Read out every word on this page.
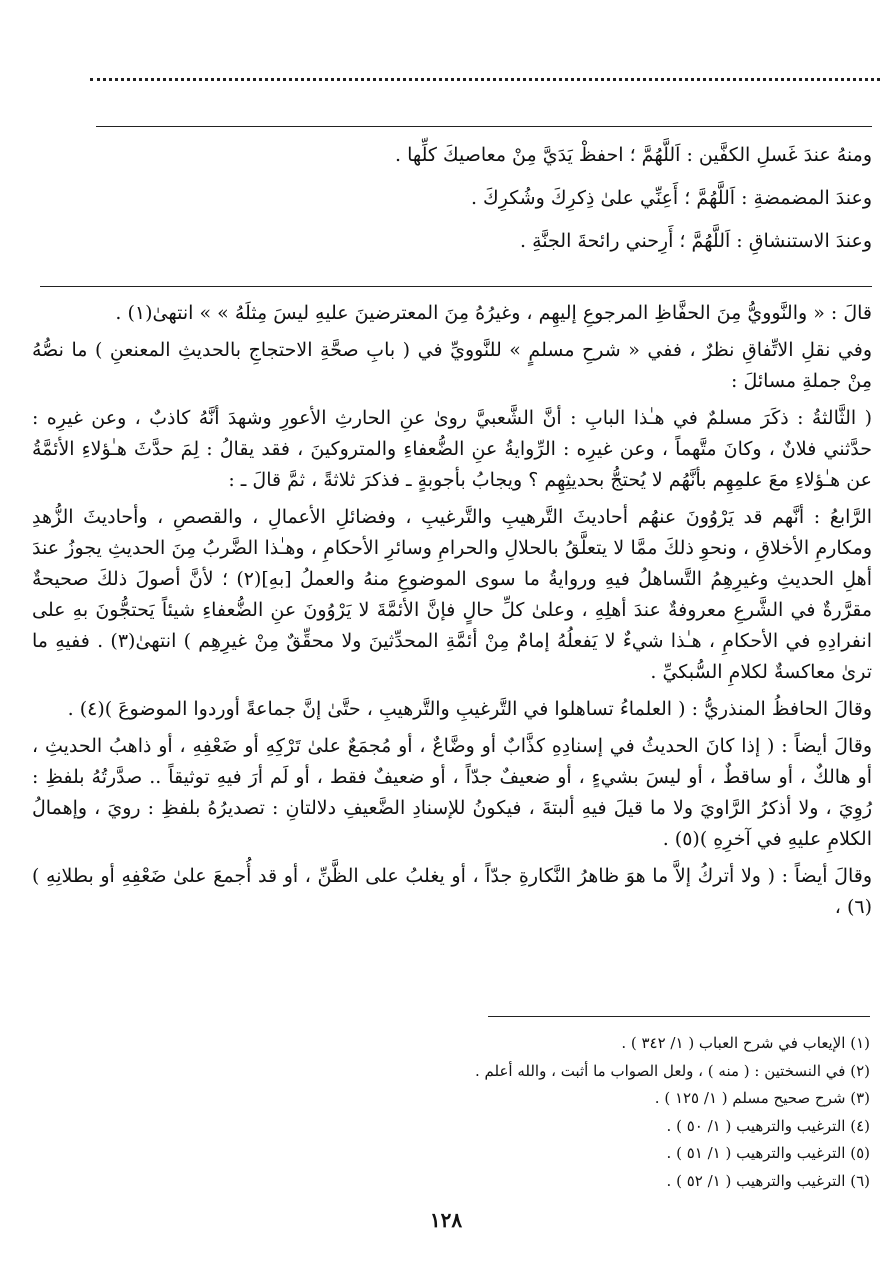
ومنهُ عندَ غَسلِ الكفَّين : اَللَّهُمَّ ؛ احفظْ يَدَيَّ مِنْ معاصيكَ كلِّها .

وعندَ المضمضةِ : اَللَّهُمَّ ؛ أَعِنِّي علىٰ ذِكرِكَ وشُكرِكَ .

وعندَ الاستنشاقِ : اَللَّهُمَّ ؛ أَرِحني رائحةَ الجنَّةِ .

قالَ : « والنَّوويُّ مِنَ الحفَّاظِ المرجوعِ إليهِم ، وغيرُهُ مِنَ المعترضينَ عليهِ ليسَ مِثلَهُ » » انتهىٰ(١) .

وفي نقلِ الاتِّفاقِ نظرٌ ، ففي « شرحِ مسلمٍ » للنَّوويِّ في ( بابِ صحَّةِ الاحتجاجِ بالحديثِ المعنعنِ ) ما نصُّهُ مِنْ جملةِ مسائلَ :

( الثَّالثةُ : ذكَرَ مسلمٌ في هـٰذا البابِ : أنَّ الشَّعبيَّ روىٰ عنِ الحارثِ الأعورِ وشهدَ أنَّهُ كاذبٌ ، وعن غيرِه : حدَّثني فلانٌ ، وكانَ متَّهماً ، وعن غيرِه : الرِّوايةُ عنِ الضُّعفاءِ والمتروكينَ ، فقد يقالُ : لِمَ حدَّثَ هـٰؤلاءِ الأئمَّةُ عن هـٰؤلاءِ معَ علمِهِم بأنَّهُم لا يُحتجُّ بحديثِهِم ؟ ويجابُ بأجوبةٍ ـ فذكرَ ثلاثةً ، ثمَّ قالَ ـ :

الرَّابعُ : أنَّهم قد يَرْوُونَ عنهُم أحاديثَ التَّرهيبِ والتَّرغيبِ ، وفضائلِ الأعمالِ ، والقصصِ ، وأحاديثَ الزُّهدِ ومكارمِ الأخلاقِ ، ونحوِ ذلكَ ممَّا لا يتعلَّقُ بالحلالِ والحرامِ وسائرِ الأحكامِ ، وهـٰذا الضَّربُ مِنَ الحديثِ يجوزُ عندَ أهلِ الحديثِ وغيرِهِمُ التَّساهلُ فيهِ وروايةُ ما سوى الموضوعِ منهُ والعملُ [بهِ](٢) ؛ لأنَّ أصولَ ذلكَ صحيحةٌ مقرَّرةٌ في الشَّرعِ معروفةٌ عندَ أهلِهِ ، وعلىٰ كلِّ حالٍ فإنَّ الأئمَّةَ لا يَرْوُونَ عنِ الضُّعفاءِ شيئاً يَحتجُّونَ بهِ على انفرادِهِ في الأحكامِ ، هـٰذا شيءٌ لا يَفعلُهُ إمامٌ مِنْ أئمَّةِ المحدِّثينَ ولا محقِّقٌ مِنْ غيرِهِم ) انتهىٰ(٣) . ففيهِ ما ترىٰ معاكسةٌ لكلامِ السُّبكيِّ .

وقالَ الحافظُ المنذريُّ : ( العلماءُ تساهلوا في التَّرغيبِ والتَّرهيبِ ، حتَّىٰ إنَّ جماعةً أوردوا الموضوعَ )(٤) .

وقالَ أيضاً : ( إذا كانَ الحديثُ في إسنادِهِ كذَّابٌ أو وضَّاعٌ ، أو مُجمَعٌ علىٰ تَرْكِهِ أو ضَعْفِهِ ، أو ذاهبُ الحديثِ ، أو هالكٌ ، أو ساقطٌ ، أو ليسَ بشيءٍ ، أو ضعيفٌ جدّاً ، أو ضعيفٌ فقط ، أو لَم أرَ فيهِ توثيقاً .. صدَّرتُهُ بلفظِ : رُوِيَ ، ولا أذكرُ الرَّاويَ ولا ما قيلَ فيهِ ألبتةَ ، فيكونُ للإسنادِ الضَّعيفِ دلالتانِ : تصديرُهُ بلفظِ : رويَ ، وإهمالُ الكلامِ عليهِ في آخرِهِ )(٥) .

وقالَ أيضاً : ( ولا أتركُ إلاَّ ما هوَ ظاهرُ النَّكارةِ جدّاً ، أو يغلبُ على الظَّنِّ ، أو قد أُجمعَ علىٰ ضَعْفِهِ أو بطلانِهِ )(٦) ،

(١) الإيعاب في شرح العباب ( ١/ ٣٤٢ ) .
(٢) في النسختين : ( منه ) ، ولعل الصواب ما أثبت ، والله أعلم .
(٣) شرح صحيح مسلم ( ١/ ١٢٥ ) .
(٤) الترغيب والترهيب ( ١/ ٥٠ ) .
(٥) الترغيب والترهيب ( ١/ ٥١ ) .
(٦) الترغيب والترهيب ( ١/ ٥٢ ) .
١٢٨
